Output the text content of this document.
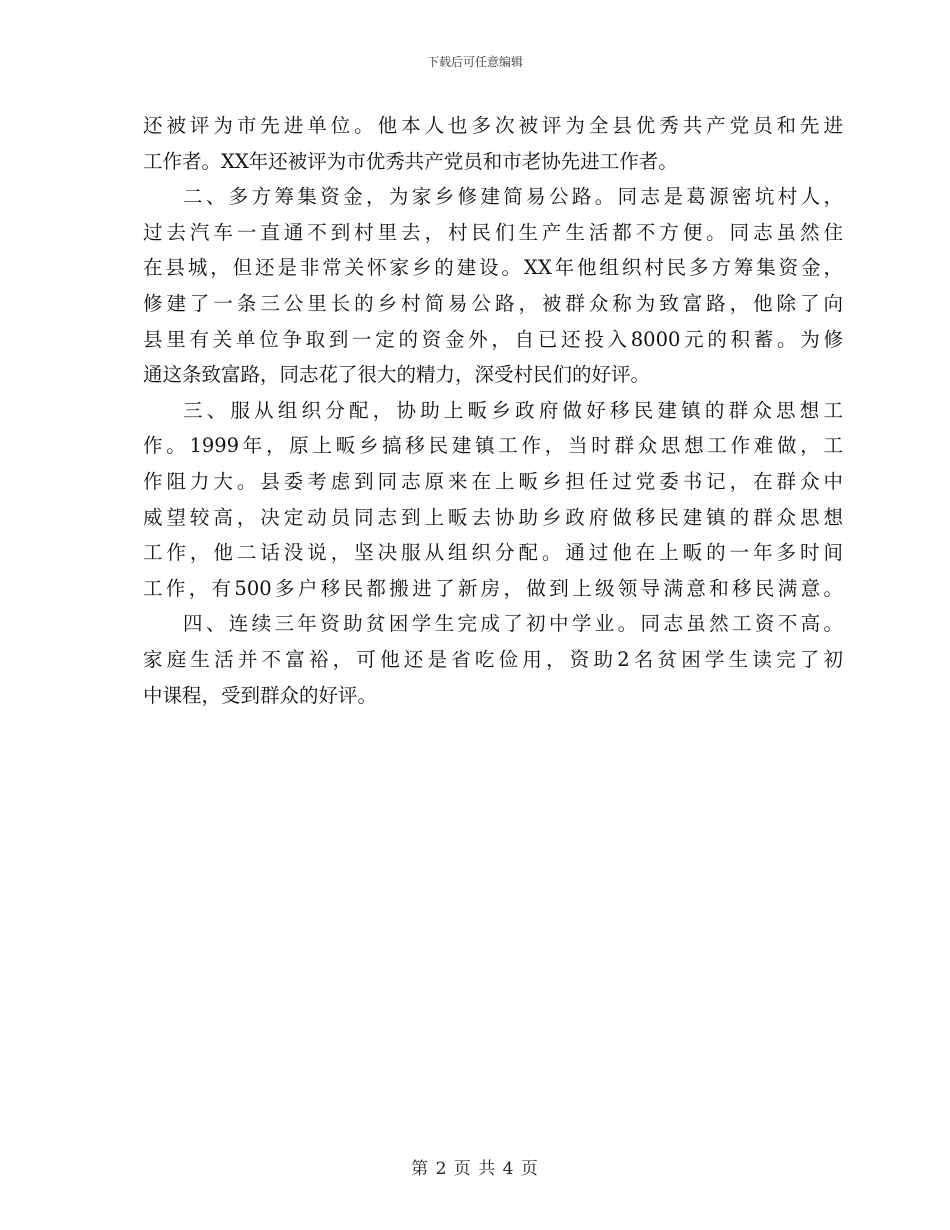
下载后可任意编辑
还被评为市先进单位。他本人也多次被评为全县优秀共产党员和先进
工作者。XX年还被评为市优秀共产党员和市老协先进工作者。
二、多方筹集资金，为家乡修建简易公路。同志是葛源密坑村人，
过去汽车一直通不到村里去，村民们生产生活都不方便。同志虽然住
在县城，但还是非常关怀家乡的建设。XX年他组织村民多方筹集资金，
修建了一条三公里长的乡村简易公路，被群众称为致富路，他除了向
县里有关单位争取到一定的资金外，自已还投入8000元的积蓄。为修
通这条致富路，同志花了很大的精力，深受村民们的好评。
三、服从组织分配，协助上畈乡政府做好移民建镇的群众思想工
作。1999年，原上畈乡搞移民建镇工作，当时群众思想工作难做，工
作阻力大。县委考虑到同志原来在上畈乡担任过党委书记，在群众中
威望较高，决定动员同志到上畈去协助乡政府做移民建镇的群众思想
工作，他二话没说，坚决服从组织分配。通过他在上畈的一年多时间
工作，有500多户移民都搬进了新房，做到上级领导满意和移民满意。
四、连续三年资助贫困学生完成了初中学业。同志虽然工资不高。
家庭生活并不富裕，可他还是省吃俭用，资助2名贫困学生读完了初
中课程，受到群众的好评。
第 2 页 共 4 页
